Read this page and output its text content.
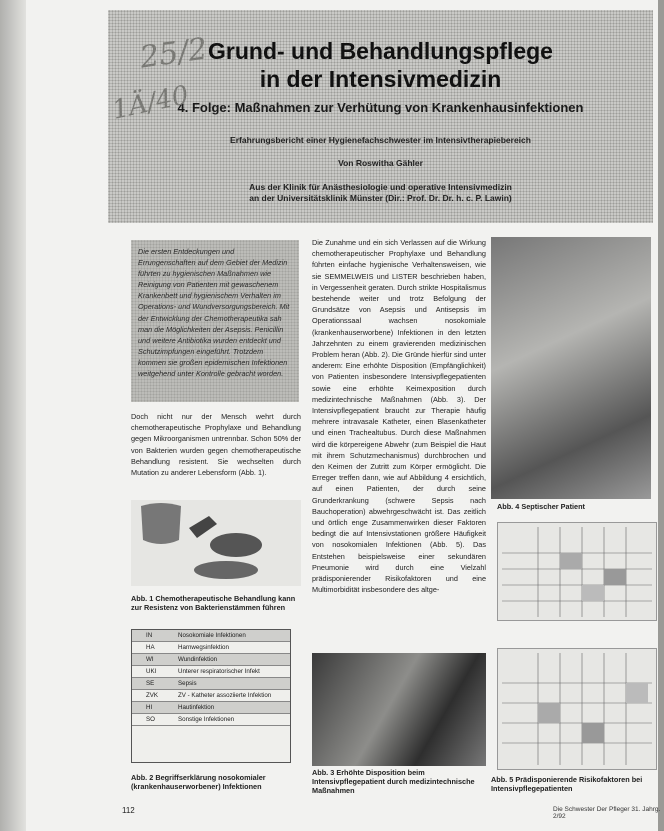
Grund- und Behandlungspflege
in der Intensivmedizin
4. Folge: Maßnahmen zur Verhütung von Krankenhausinfektionen
Erfahrungsbericht einer Hygienefachschwester im Intensivtherapiebereich
Von Roswitha Gähler
Aus der Klinik für Anästhesiologie und operative Intensivmedizin
an der Universitätsklinik Münster (Dir.: Prof. Dr. Dr. h. c. P. Lawin)
25/2
1Ä/40

Die ersten Entdeckungen und Errungenschaften auf dem Gebiet der Medizin führten zu hygienischen Maßnahmen wie Reinigung von Patienten mit gewaschenem Krankenbett und hygienischem Verhalten im Operations- und Wundversorgungsbereich. Mit der Entwicklung der Chemotherapeutika sah man die Möglichkeiten der Asepsis. Penicillin und weitere Antibiotika wurden entdeckt und Schutzimpfungen eingeführt. Trotzdem kommen sie großen epidemischen Infektionen weitgehend unter Kontrolle gebracht worden.

Doch nicht nur der Mensch wehrt durch chemotherapeutische Prophylaxe und Behandlung gegen Mikroorganismen untrennbar. Schon 50% der von Bakterien wurden gegen chemotherapeutische Behandlung resistent. Sie wechselten durch Mutation zu anderer Lebensform (Abb. 1).
Die Zunahme und ein sich Verlassen auf die Wirkung chemotherapeutischer Prophylaxe und Behandlung führten einfache hygienische Verhaltensweisen, wie sie SEMMELWEIS und LISTER beschrieben haben, in Vergessenheit geraten. Durch strikte Hospitalismus bestehende weiter und trotz Befolgung der Grundsätze von Asepsis und Antisepsis im Operationssaal wachsen nosokomiale (krankenhauserworbene) Infektionen in den letzten Jahrzehnten zu einem gravierenden medizinischen Problem heran (Abb. 2). Die Gründe hierfür sind unter anderem: Eine erhöhte Disposition (Empfänglichkeit) von Patienten insbesondere Intensivpflegepatienten sowie eine erhöhte Keimexposition durch medizintechnische Maßnahmen (Abb. 3). Der Intensivpflegepatient braucht zur Therapie häufig mehrere intravasale Katheter, einen Blasenkatheter und einen Trachealtubus. Durch diese Maßnahmen wird die körpereigene Abwehr (zum Beispiel die Haut mit ihrem Schutzmechanismus) durchbrochen und den Keimen der Zutritt zum Körper ermöglicht. Die Erreger treffen dann, wie auf Abbildung 4 ersichtlich, auf einen Patienten, der durch seine Grunderkrankung (schwere Sepsis nach Bauchoperation) abwehrgeschwächt ist. Das zeitlich und örtlich enge Zusammenwirken dieser Faktoren bedingt die auf Intensivstationen größere Häufigkeit von nosokomialen Infektionen (Abb. 5). Das Entstehen beispielsweise einer sekundären Pneumonie wird durch eine Vielzahl prädisponierender Risikofaktoren und eine Multimorbidität insbesondere des altge-
Abb. 1 Chemotherapeutische Behandlung kann zur Resistenz von Bakterienstämmen führen
IN	Nosokomiale Infektionen
HA	Harnwegsinfektion
WI	Wundinfektion
UKI	Unterer respiratorischer Infekt
SE	Sepsis
ZVK	ZV - Katheter assoziierte Infektion
HI	Hautinfektion
SO	Sonstige Infektionen
Abb. 2 Begriffserklärung nosokomialer (krankenhauserworbener) Infektionen
Abb. 3 Erhöhte Disposition beim Intensivpflegepatient durch medizintechnische Maßnahmen
Abb. 4 Septischer Patient
Abb. 5 Prädisponierende Risikofaktoren bei Intensivpflegepatienten
112	Die Schwester Der Pfleger 31. Jahrg. 2/92
